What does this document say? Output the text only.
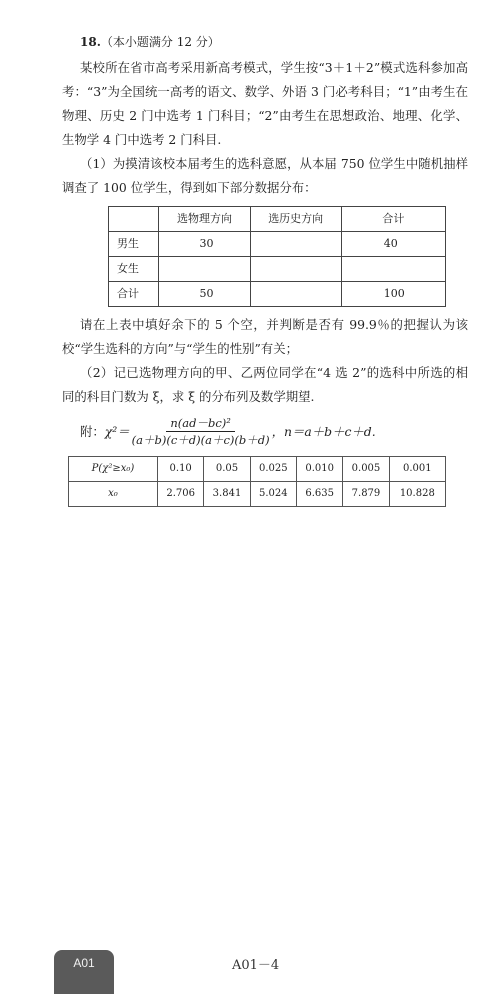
18.（本小题满分 12 分）

某校所在省市高考采用新高考模式，学生按“3＋1＋2”模式选科参加高考：“3”为全国统一高考的语文、数学、外语 3 门必考科目；“1”由考生在物理、历史 2 门中选考 1 门科目；“2”由考生在思想政治、地理、化学、生物学 4 门中选考 2 门科目.

（1）为摸清该校本届考生的选科意愿，从本届 750 位学生中随机抽样调查了 100 位学生，得到如下部分数据分布：

	选物理方向	选历史方向	合计
男生	30		40
女生			
合计	50		100

请在上表中填好余下的 5 个空，并判断是否有 99.9％的把握认为该校“学生选科的方向”与“学生的性别”有关；

（2）记已选物理方向的甲、乙两位同学在“4 选 2”的选科中所选的相同的科目门数为 ξ，求 ξ 的分布列及数学期望.

附： $\chi^2= \frac{\text{n(ad－bc)²}}{(a+b)(c+d)(a+c)(b+d)}$ ，n＝a＋b＋c＋d.
P(χ²≥x₀)	0.10	0.05	0.025	0.010	0.005	0.001
x₀	2.706	3.841	5.024	6.635	7.879	10.828
A01	A01－4
